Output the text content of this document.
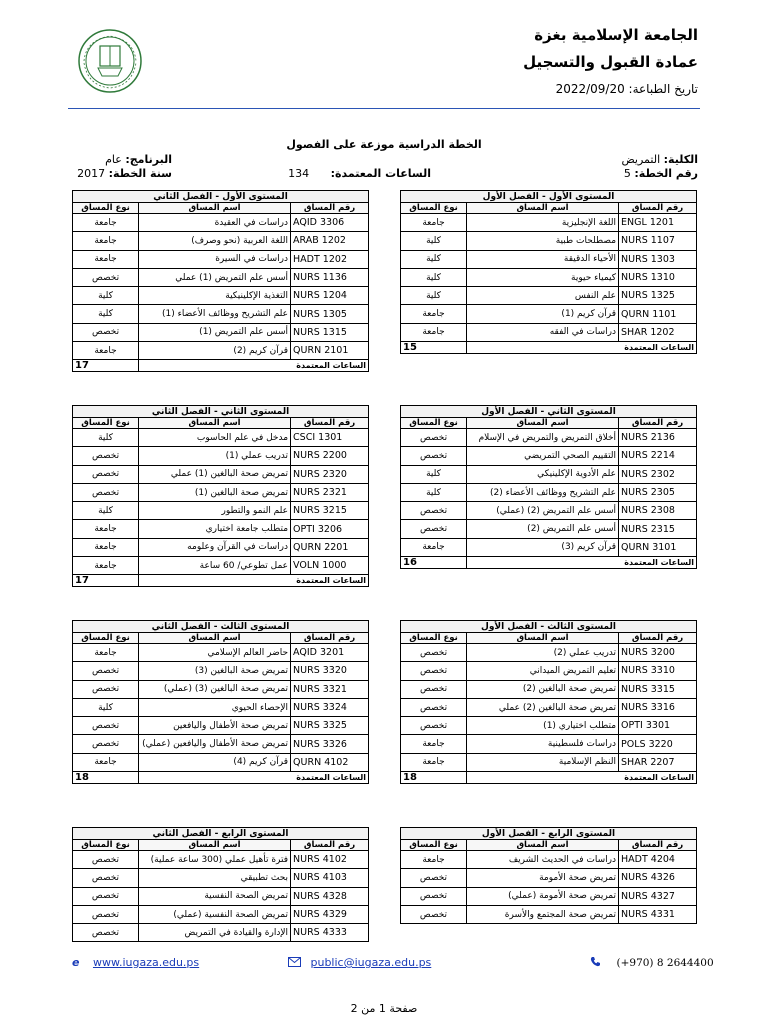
الجامعة الإسلامية بغزة
عمادة القبول والتسجيل
تاريخ الطباعة: 2022/09/20
الخطة الدراسية موزعة على الفصول
الكلية: التمريض
البرنامج: عام
رقم الخطة: 5
الساعات المعتمدة: 134
سنة الخطة: 2017
المستوى الأول - الفصل الأول		
رقم المساق	اسم المساق	نوع المساق
ENGL 1201	اللغة الإنجليزية	جامعة
NURS 1107	مصطلحات طبية	كلية
NURS 1303	الأحياء الدقيقة	كلية
NURS 1310	كيمياء حيوية	كلية
NURS 1325	علم النفس	كلية
QURN 1101	قرآن كريم (1)	جامعة
SHAR 1202	دراسات في الفقه	جامعة
الساعات المعتمدة		15
المستوى الأول - الفصل الثاني		
رقم المساق	اسم المساق	نوع المساق
AQID 3306	دراسات في العقيدة	جامعة
ARAB 1202	اللغة العربية (نحو وصرف)	جامعة
HADT 1202	دراسات في السيرة	جامعة
NURS 1136	أسس علم التمريض (1) عملي	تخصص
NURS 1204	التغذية الإكلينيكية	كلية
NURS 1305	علم التشريح ووظائف الأعضاء (1)	كلية
NURS 1315	أسس علم التمريض (1)	تخصص
QURN 2101	قرآن كريم (2)	جامعة
الساعات المعتمدة		17
المستوى الثاني - الفصل الأول		
رقم المساق	اسم المساق	نوع المساق
NURS 2136	أخلاق التمريض والتمريض في الإسلام	تخصص
NURS 2214	التقييم الصحي التمريضي	تخصص
NURS 2302	علم الأدوية الإكلينيكي	كلية
NURS 2305	علم التشريح ووظائف الأعضاء (2)	كلية
NURS 2308	أسس علم التمريض (2) (عملي)	تخصص
NURS 2315	أسس علم التمريض (2)	تخصص
QURN 3101	قرآن كريم (3)	جامعة
الساعات المعتمدة		16
المستوى الثاني - الفصل الثاني		
رقم المساق	اسم المساق	نوع المساق
CSCI 1301	مدخل في علم الحاسوب	كلية
NURS 2200	تدريب عملي (1)	تخصص
NURS 2320	تمريض صحة البالغين (1) عملي	تخصص
NURS 2321	تمريض صحة البالغين (1)	تخصص
NURS 3215	علم النمو والتطور	كلية
OPTI 3206	متطلب جامعة اختياري	جامعة
QURN 2201	دراسات في القرآن وعلومه	جامعة
VOLN 1000	عمل تطوعي/ 60 ساعة	جامعة
الساعات المعتمدة		17
المستوى الثالث - الفصل الأول		
رقم المساق	اسم المساق	نوع المساق
NURS 3200	تدريب عملي (2)	تخصص
NURS 3310	تعليم التمريض الميداني	تخصص
NURS 3315	تمريض صحة البالغين (2)	تخصص
NURS 3316	تمريض صحة البالغين (2) عملي	تخصص
OPTI 3301	متطلب اختياري (1)	تخصص
POLS 3220	دراسات فلسطينية	جامعة
SHAR 2207	النظم الإسلامية	جامعة
الساعات المعتمدة		18
المستوى الثالث - الفصل الثاني		
رقم المساق	اسم المساق	نوع المساق
AQID 3201	حاضر العالم الإسلامي	جامعة
NURS 3320	تمريض صحة البالغين (3)	تخصص
NURS 3321	تمريض صحة البالغين (3) (عملي)	تخصص
NURS 3324	الإحصاء الحيوي	كلية
NURS 3325	تمريض صحة الأطفال واليافعين	تخصص
NURS 3326	تمريض صحة الأطفال واليافعين (عملي)	تخصص
QURN 4102	قرآن كريم (4)	جامعة
الساعات المعتمدة		18
المستوى الرابع - الفصل الأول		
رقم المساق	اسم المساق	نوع المساق
HADT 4204	دراسات في الحديث الشريف	جامعة
NURS 4326	تمريض صحة الأمومة	تخصص
NURS 4327	تمريض صحة الأمومة (عملي)	تخصص
NURS 4331	تمريض صحة المجتمع والأسرة	تخصص
المستوى الرابع - الفصل الثاني		
رقم المساق	اسم المساق	نوع المساق
NURS 4102	فترة تأهيل عملي (300 ساعة عملية)	تخصص
NURS 4103	بحث تطبيقي	تخصص
NURS 4328	تمريض الصحة النفسية	تخصص
NURS 4329	تمريض الصحة النفسية (عملي)	تخصص
NURS 4333	الإدارة والقيادة في التمريض	تخصص
e www.iugaza.edu.ps	public@iugaza.edu.ps	(+970) 8 2644400
صفحة 1 من 2
